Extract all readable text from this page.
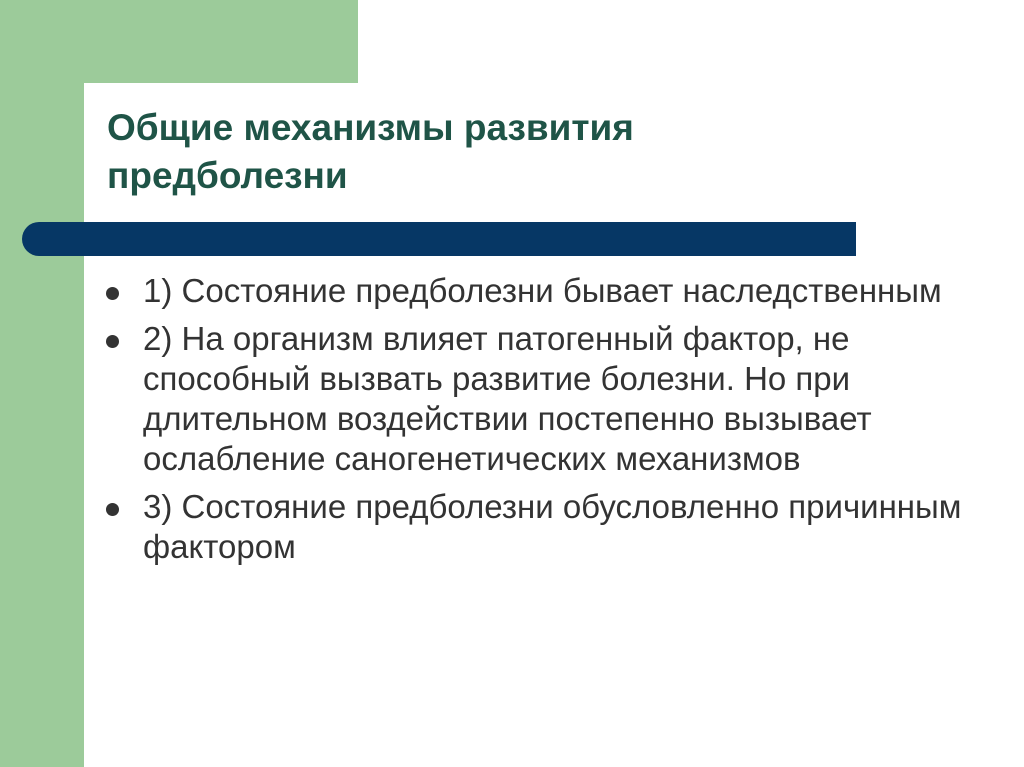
Общие механизмы развития предболезни
1) Состояние предболезни бывает наследственным
2) На организм влияет патогенный фактор, не способный вызвать развитие болезни. Но при длительном воздействии постепенно вызывает ослабление саногенетических механизмов
3) Состояние предболезни обусловленно причинным фактором
